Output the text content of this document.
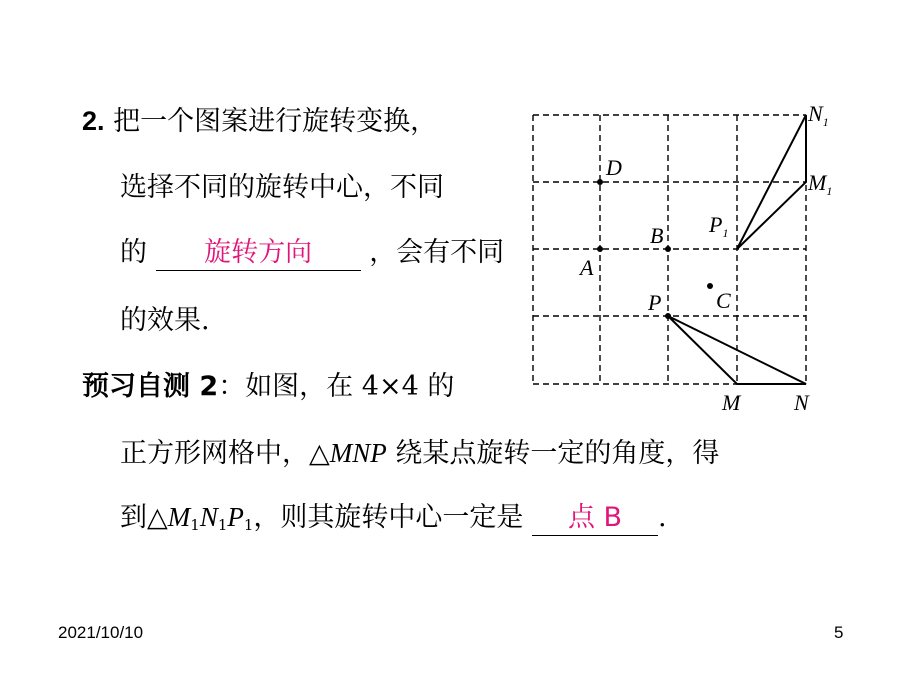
2. 把一个图案进行旋转变换，
选择不同的旋转中心，不同
的 旋转方向 ，会有不同
的效果.
预习自测 2：如图，在 4×4 的
正方形网格中，△MNP 绕某点旋转一定的角度，得
到$\triangle M_1N_1P_1$，则其旋转中心一定是 点 B .
$N_1$
$M_1$
$P_1$
D
B
A
C
P
M N
2021/10/10	5
